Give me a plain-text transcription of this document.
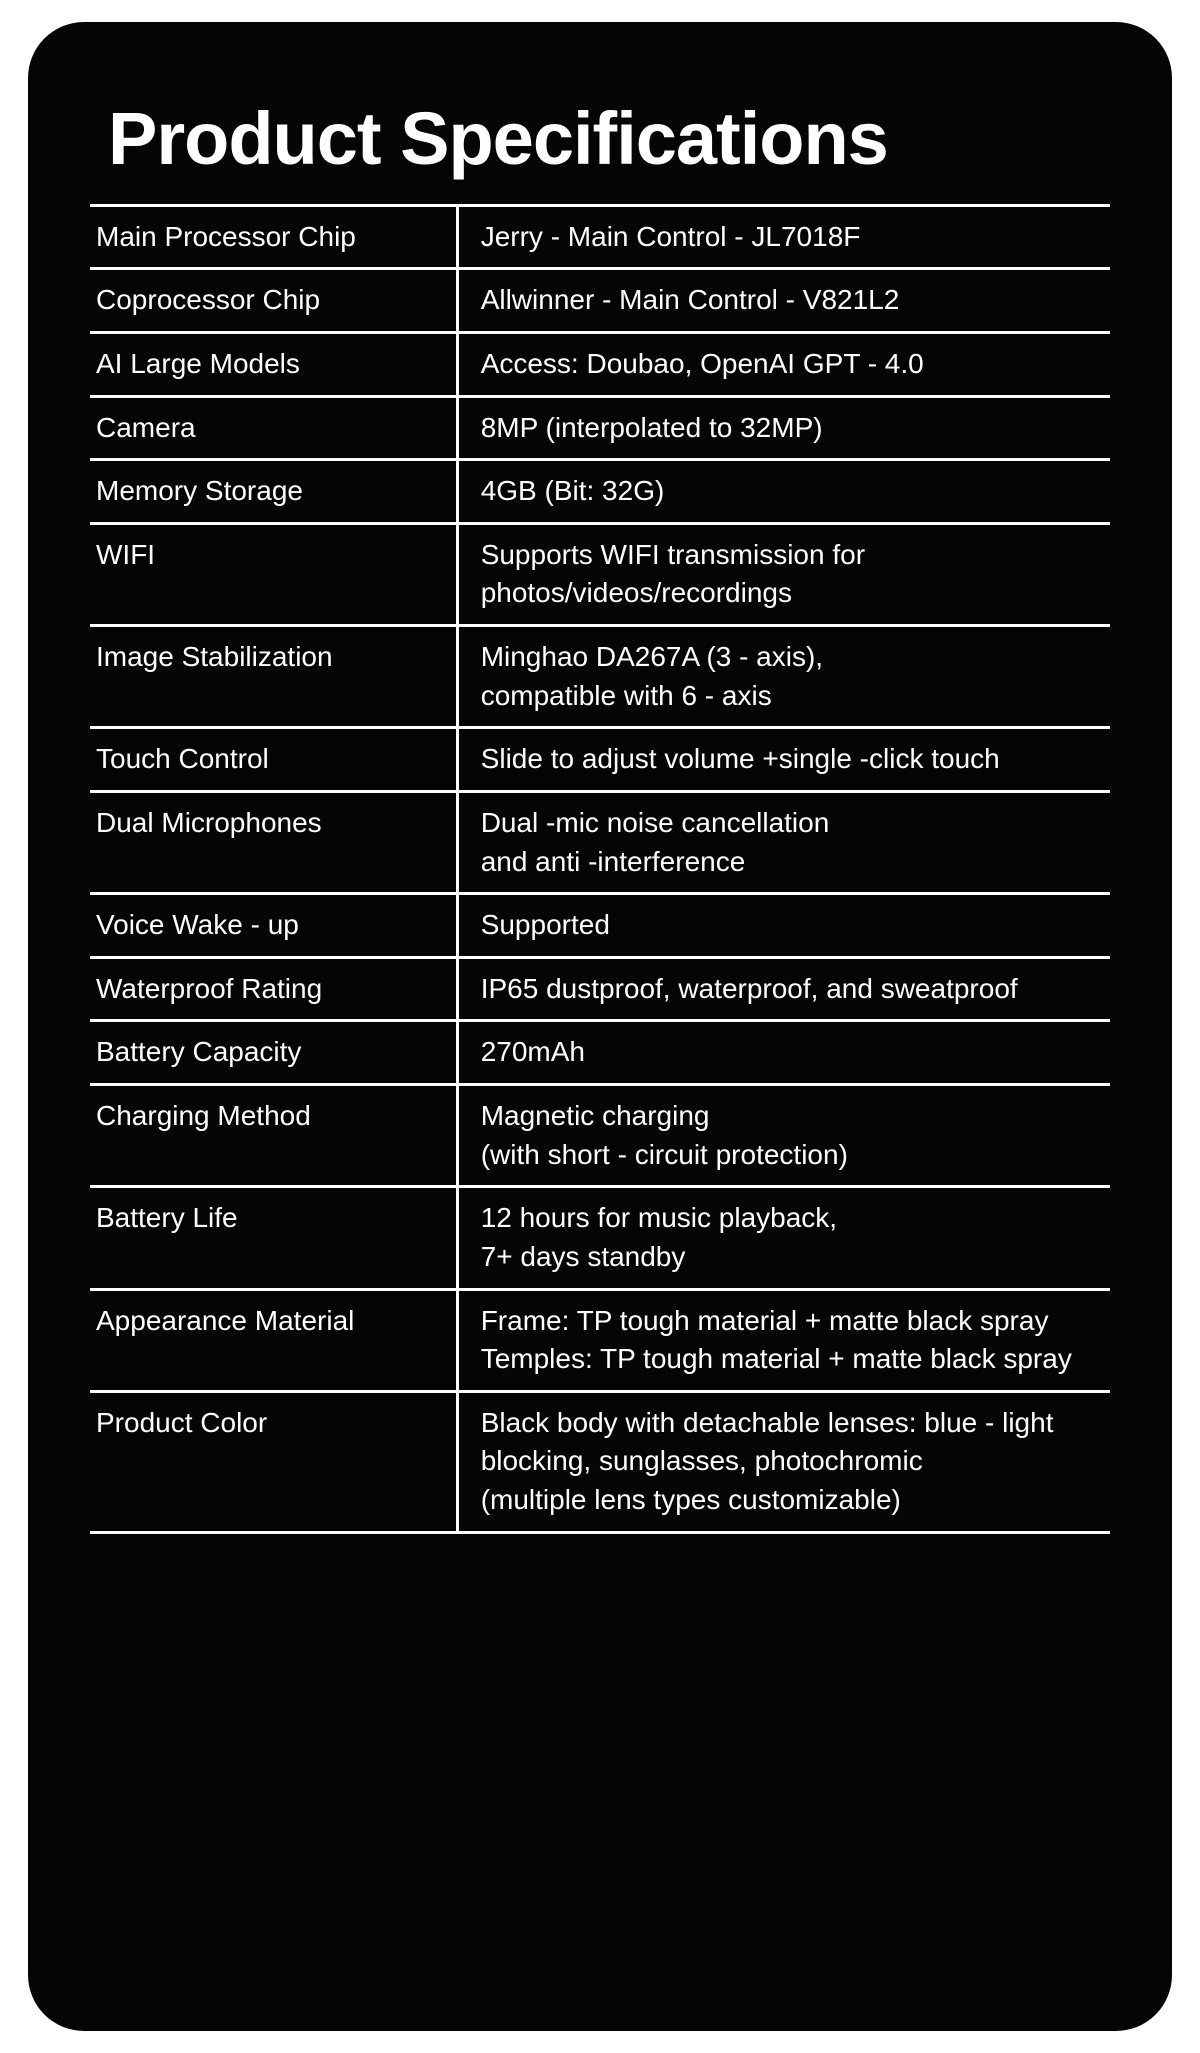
Product Specifications
Main Processor Chip	Jerry - Main Control - JL7018F

Coprocessor Chip	Allwinner - Main Control - V821L2

AI Large Models	Access: Doubao, OpenAI GPT - 4.0

Camera	8MP (interpolated to 32MP)

Memory Storage	4GB (Bit: 32G)

WIFI	Supports WIFI transmission for
photos/videos/recordings

Image Stabilization	Minghao DA267A (3 - axis),
compatible with 6 - axis

Touch Control	Slide to adjust volume +single -click touch

Dual Microphones	Dual -mic noise cancellation
and anti -interference

Voice Wake - up	Supported

Waterproof Rating	IP65 dustproof, waterproof, and sweatproof

Battery Capacity	270mAh

Charging Method	Magnetic charging
(with short - circuit protection)

Battery Life	12 hours for music playback,
7+ days standby

Appearance Material	Frame: TP tough material + matte black spray
Temples: TP tough material + matte black spray

Product Color	Black body with detachable lenses: blue - light
blocking, sunglasses, photochromic
(multiple lens types customizable)
